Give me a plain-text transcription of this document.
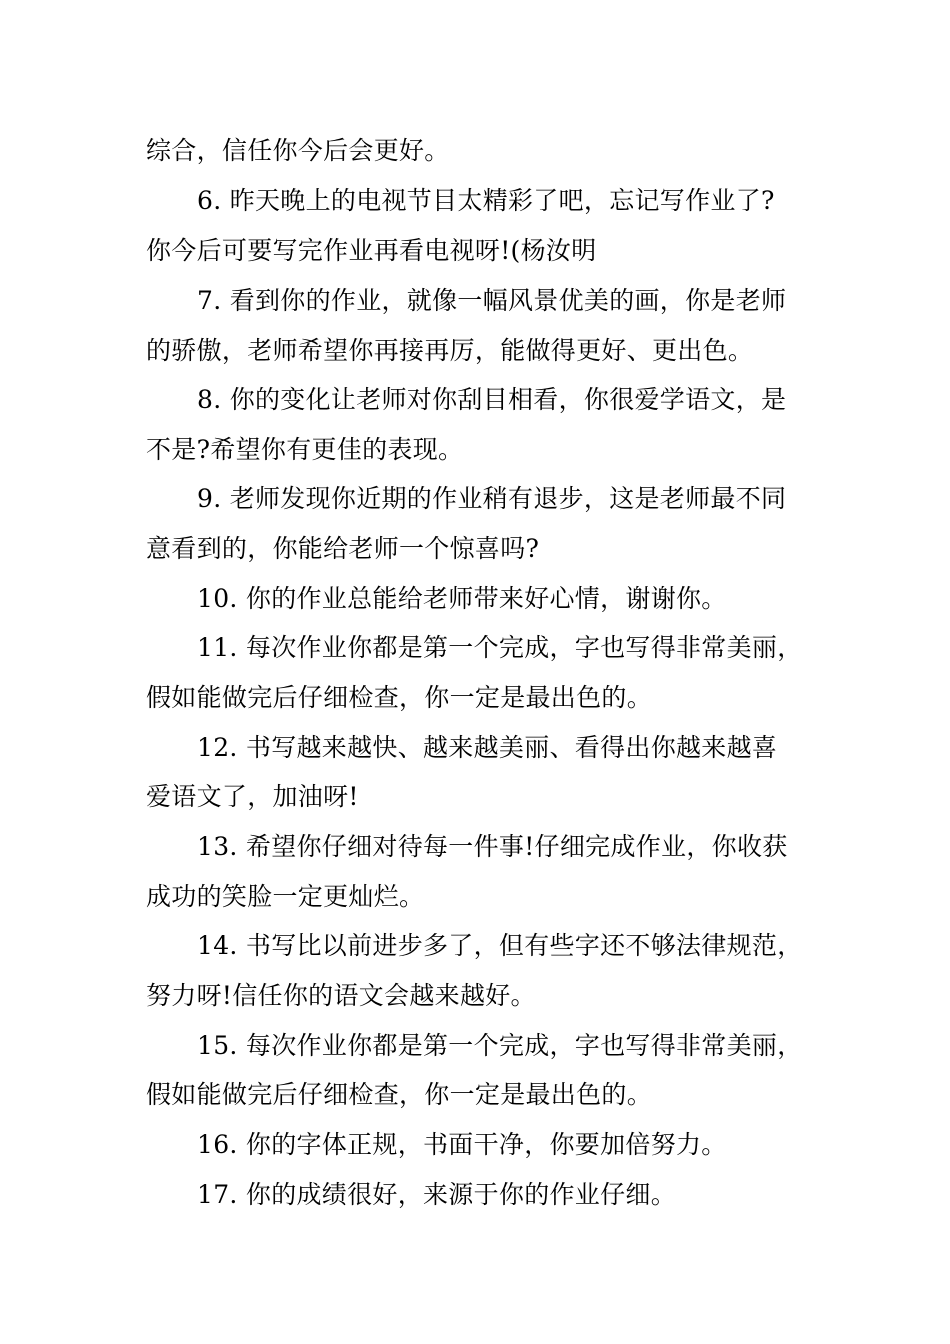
综合，信任你今后会更好。
6. 昨天晚上的电视节目太精彩了吧，忘记写作业了?
你今后可要写完作业再看电视呀!(杨汝明
7. 看到你的作业，就像一幅风景优美的画，你是老师
的骄傲，老师希望你再接再厉，能做得更好、更出色。
8. 你的变化让老师对你刮目相看，你很爱学语文，是
不是?希望你有更佳的表现。
9. 老师发现你近期的作业稍有退步，这是老师最不同
意看到的，你能给老师一个惊喜吗?
10. 你的作业总能给老师带来好心情，谢谢你。
11. 每次作业你都是第一个完成，字也写得非常美丽，
假如能做完后仔细检查，你一定是最出色的。
12. 书写越来越快、越来越美丽、看得出你越来越喜
爱语文了，加油呀!
13. 希望你仔细对待每一件事!仔细完成作业，你收获
成功的笑脸一定更灿烂。
14. 书写比以前进步多了，但有些字还不够法律规范，
努力呀!信任你的语文会越来越好。
15. 每次作业你都是第一个完成，字也写得非常美丽，
假如能做完后仔细检查，你一定是最出色的。
16. 你的字体正规，书面干净，你要加倍努力。
17. 你的成绩很好，来源于你的作业仔细。
